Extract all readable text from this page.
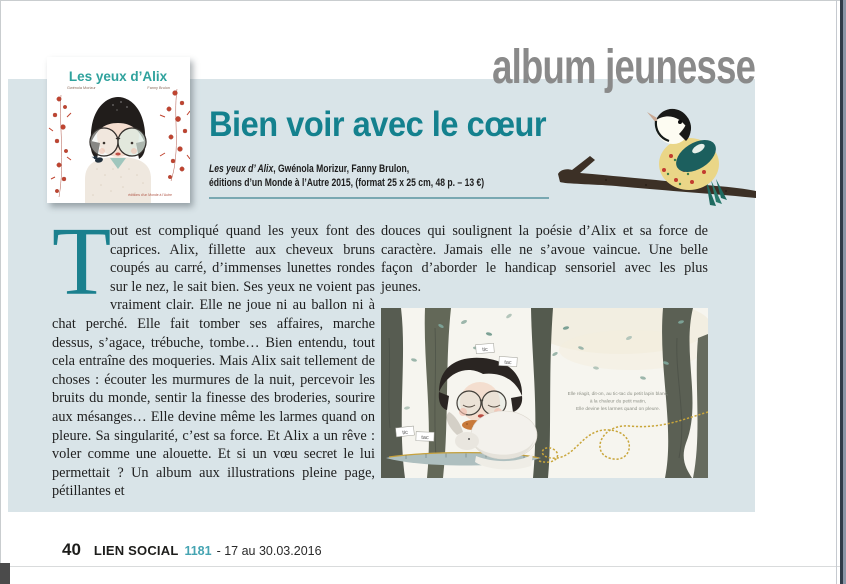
album jeunesse
Les yeux d’Alix
Gwénola Morizur	Fanny Brulon
éditions d’un Monde à l’Autre
Bien voir avec le cœur
Les yeux d’ Alix, Gwénola Morizur, Fanny Brulon,
éditions d’un Monde à l’Autre 2015, (format 25 x 25 cm, 48 p. – 13 €)
T
out est compliqué quand les yeux font des caprices. Alix, fillette aux cheveux bruns coupés au carré, d’immenses lunettes rondes sur le nez, le sait bien. Ses yeux ne voient pas vraiment clair. Elle ne joue ni au ballon ni à chat perché. Elle fait tomber ses affaires, marche dessus, s’agace, trébuche, tombe… Bien entendu, tout cela entraîne des moqueries. Mais Alix sait tellement de choses : écouter les murmures de la nuit, percevoir les bruits du monde, sentir la finesse des broderies, sourire aux mésanges… Elle devine même les larmes quand on pleure. Sa singularité, c’est sa force. Et Alix a un rêve : voler comme une alouette. Et si un vœu secret le lui permettait ? Un album aux illustrations pleine page, pétillantes et
douces qui soulignent la poésie d’Alix et sa force de caractère. Jamais elle ne s’avoue vaincue. Une belle façon d’aborder le handicap sensoriel avec les plus jeunes.
Elle réagit, dit-on, au tic-tac du petit lapin blanc,
à la chaleur du petit matin,
Elle devine les larmes quand on pleure.
tic
tac
tic
tac
40 LIEN SOCIAL 1181 - 17 au 30.03.2016
